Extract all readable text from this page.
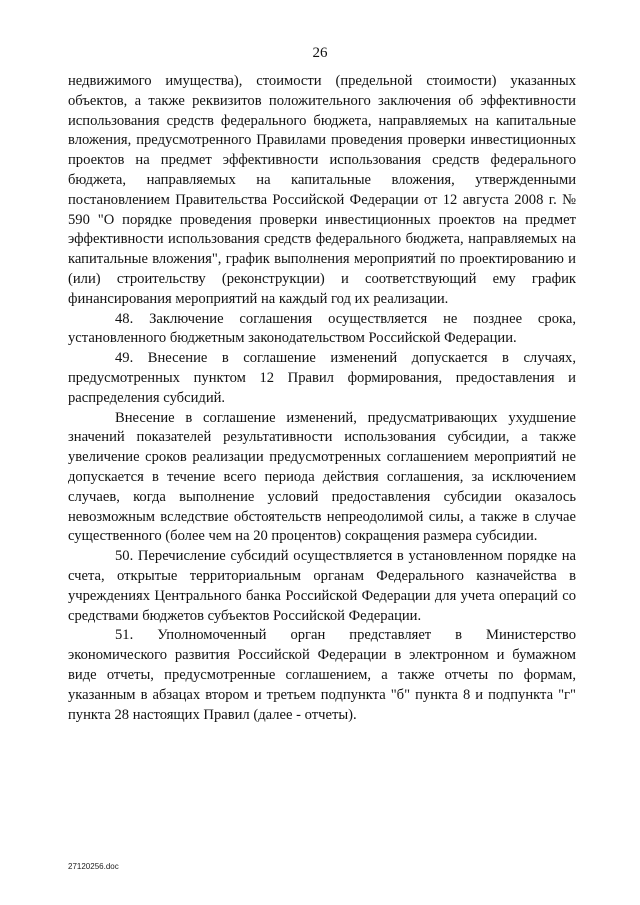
26

недвижимого имущества), стоимости (предельной стоимости) указанных объектов, а также реквизитов положительного заключения об эффективности использования средств федерального бюджета, направляемых на капитальные вложения, предусмотренного Правилами проведения проверки инвестиционных проектов на предмет эффективности использования средств федерального бюджета, направляемых на капитальные вложения, утвержденными постановлением Правительства Российской Федерации от 12 августа 2008 г. № 590 "О порядке проведения проверки инвестиционных проектов на предмет эффективности использования средств федерального бюджета, направляемых на капитальные вложения", график выполнения мероприятий по проектированию и (или) строительству (реконструкции) и соответствующий ему график финансирования мероприятий на каждый год их реализации.

48. Заключение соглашения осуществляется не позднее срока, установленного бюджетным законодательством Российской Федерации.

49. Внесение в соглашение изменений допускается в случаях, предусмотренных пунктом 12 Правил формирования, предоставления и распределения субсидий.

Внесение в соглашение изменений, предусматривающих ухудшение значений показателей результативности использования субсидии, а также увеличение сроков реализации предусмотренных соглашением мероприятий не допускается в течение всего периода действия соглашения, за исключением случаев, когда выполнение условий предоставления субсидии оказалось невозможным вследствие обстоятельств непреодолимой силы, а также в случае существенного (более чем на 20 процентов) сокращения размера субсидии.

50. Перечисление субсидий осуществляется в установленном порядке на счета, открытые территориальным органам Федерального казначейства в учреждениях Центрального банка Российской Федерации для учета операций со средствами бюджетов субъектов Российской Федерации.

51. Уполномоченный орган представляет в Министерство экономического развития Российской Федерации в электронном и бумажном виде отчеты, предусмотренные соглашением, а также отчеты по формам, указанным в абзацах втором и третьем подпункта "б" пункта 8 и подпункта "г" пункта 28 настоящих Правил (далее - отчеты).

27120256.doc
